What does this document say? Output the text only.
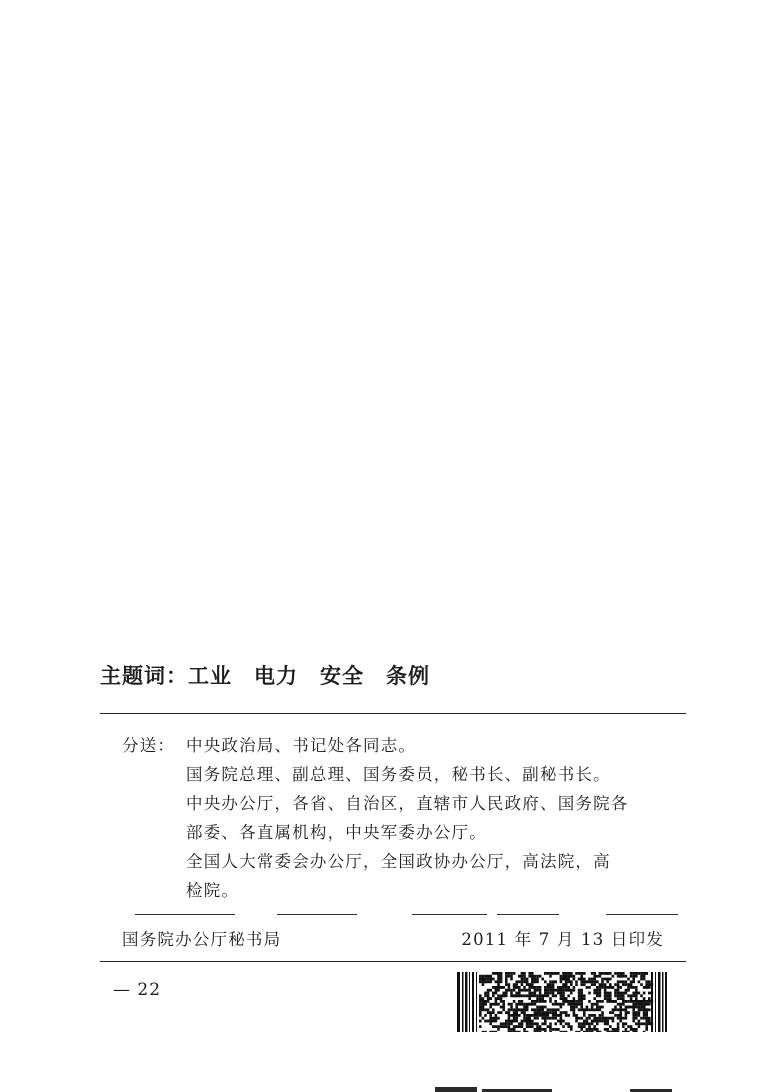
主题词：工业 电力 安全 条例
分送： 中央政治局、书记处各同志。
国务院总理、副总理、国务委员，秘书长、副秘书长。
中央办公厅，各省、自治区，直辖市人民政府、国务院各
部委、各直属机构，中央军委办公厅。
全国人大常委会办公厅，全国政协办公厅，高法院，高
检院。
国务院办公厅秘书局	2011 年 7 月 13 日印发
— 22
